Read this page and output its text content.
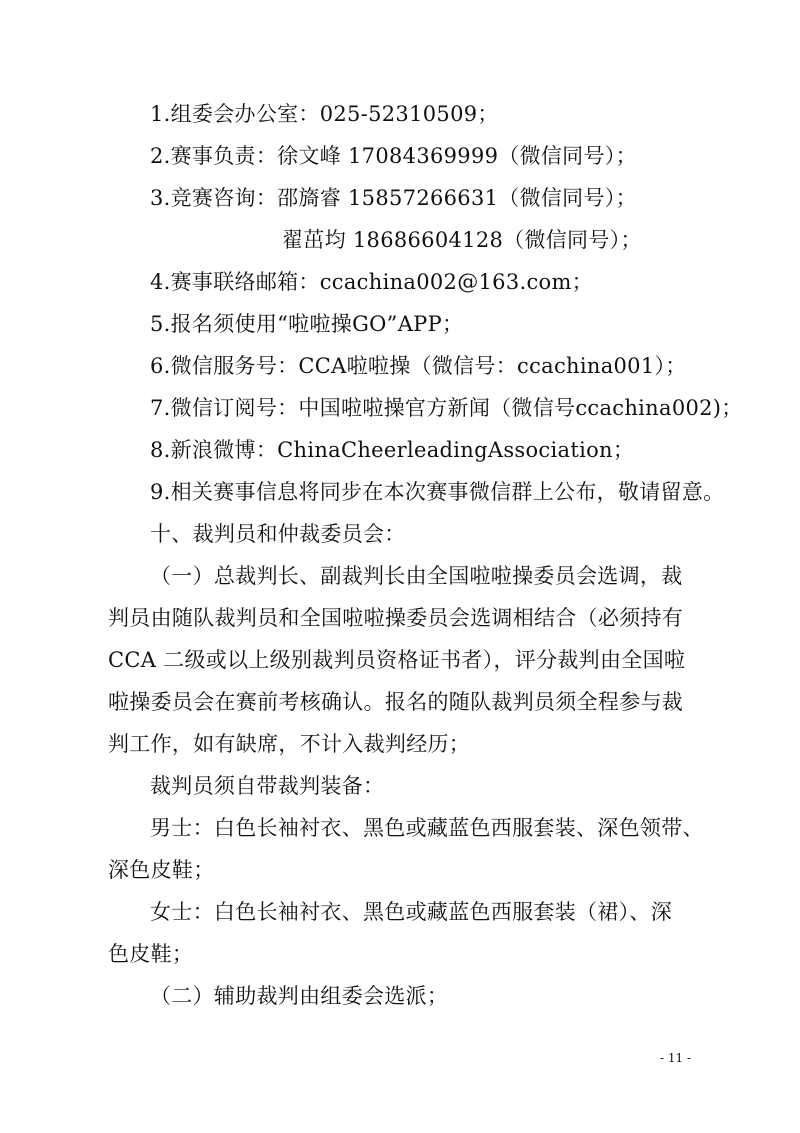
1.组委会办公室：025-52310509；
2.赛事负责：徐文峰 17084369999（微信同号）；
3.竞赛咨询：邵旖睿 15857266631（微信同号）；
翟茁均 18686604128（微信同号）；
4.赛事联络邮箱：ccachina002@163.com；
5.报名须使用“啦啦操GO”APP；
6.微信服务号：CCA啦啦操（微信号：ccachina001）；
7.微信订阅号：中国啦啦操官方新闻（微信号ccachina002)；
8.新浪微博：ChinaCheerleadingAssociation；
9.相关赛事信息将同步在本次赛事微信群上公布，敬请留意。
十、裁判员和仲裁委员会：
（一）总裁判长、副裁判长由全国啦啦操委员会选调，裁
判员由随队裁判员和全国啦啦操委员会选调相结合（必须持有
CCA 二级或以上级别裁判员资格证书者），评分裁判由全国啦
啦操委员会在赛前考核确认。报名的随队裁判员须全程参与裁
判工作，如有缺席，不计入裁判经历；
裁判员须自带裁判装备：
男士：白色长袖衬衣、黑色或藏蓝色西服套装、深色领带、
深色皮鞋；
女士：白色长袖衬衣、黑色或藏蓝色西服套装（裙）、深
色皮鞋；
（二）辅助裁判由组委会选派；
- 11 -
